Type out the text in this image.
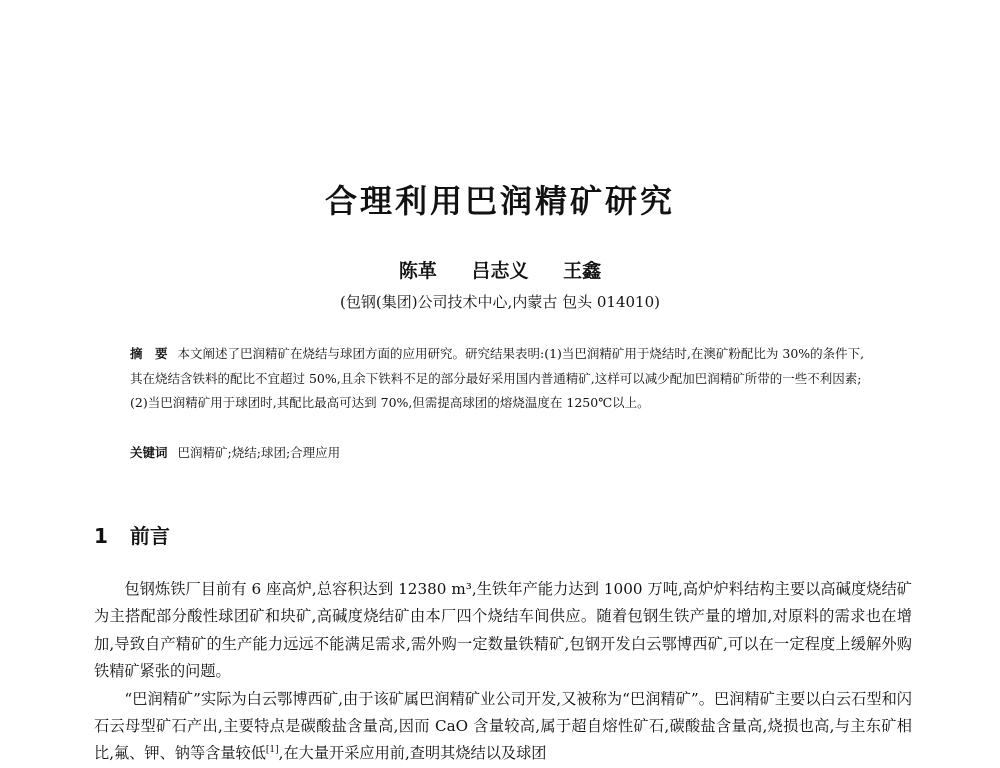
合理利用巴润精矿研究
陈革 吕志义 王鑫
(包钢(集团)公司技术中心,内蒙古 包头 014010)
摘　要 本文阐述了巴润精矿在烧结与球团方面的应用研究。研究结果表明:(1)当巴润精矿用于烧结时,在澳矿粉配比为 30%的条件下,其在烧结含铁料的配比不宜超过 50%,且余下铁料不足的部分最好采用国内普通精矿,这样可以减少配加巴润精矿所带的一些不利因素;(2)当巴润精矿用于球团时,其配比最高可达到 70%,但需提高球团的熔烧温度在 1250℃以上。
关键词 巴润精矿;烧结;球团;合理应用
1 前言

包钢炼铁厂目前有 6 座高炉,总容积达到 12380 m³,生铁年产能力达到 1000 万吨,高炉炉料结构主要以高碱度烧结矿为主搭配部分酸性球团矿和块矿,高碱度烧结矿由本厂四个烧结车间供应。随着包钢生铁产量的增加,对原料的需求也在增加,导致自产精矿的生产能力远远不能满足需求,需外购一定数量铁精矿,包钢开发白云鄂博西矿,可以在一定程度上缓解外购铁精矿紧张的问题。

“巴润精矿”实际为白云鄂博西矿,由于该矿属巴润精矿业公司开发,又被称为“巴润精矿”。巴润精矿主要以白云石型和闪石云母型矿石产出,主要特点是碳酸盐含量高,因而 CaO 含量较高,属于超自熔性矿石,碳酸盐含量高,烧损也高,与主东矿相比,氟、钾、钠等含量较低[1],在大量开采应用前,查明其烧结以及球团
